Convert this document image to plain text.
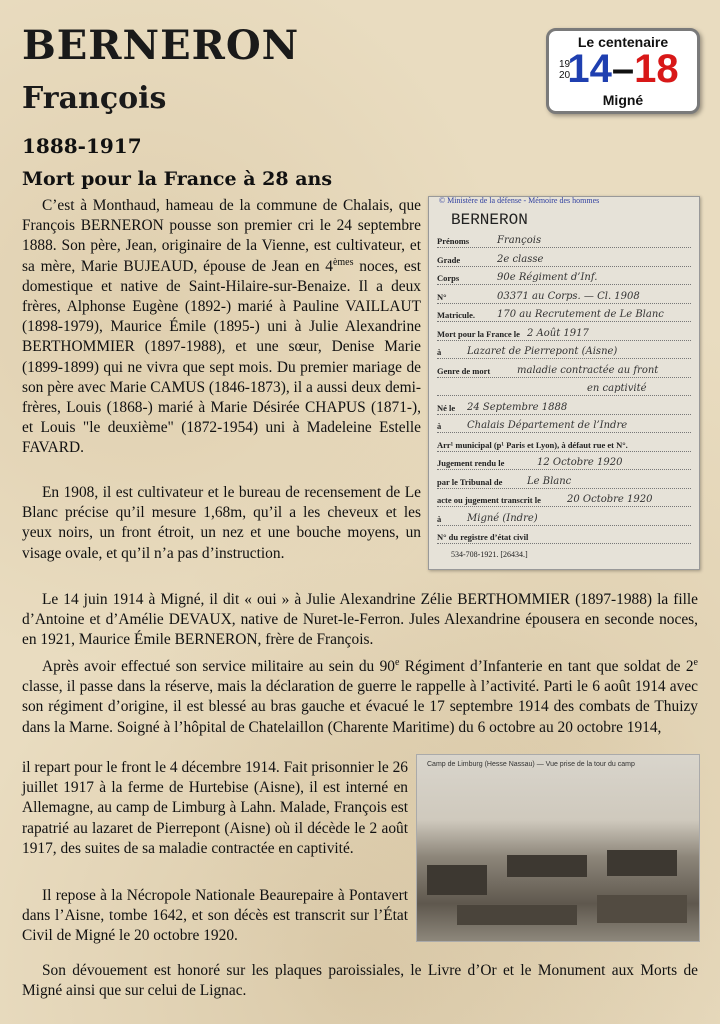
BERNERON
François
1888-1917
Mort pour la France à 28 ans
Le centenaire
19
20
14–18
Migné

C’est à Monthaud, hameau de la commune de Chalais, que François BERNERON pousse son premier cri le 24 septembre 1888. Son père, Jean, originaire de la Vienne, est cultivateur, et sa mère, Marie BUJEAUD, épouse de Jean en 4èmes noces, est domestique et native de Saint-Hilaire-sur-Benaize. Il a deux frères, Alphonse Eugène (1892-) marié à Pauline VAILLAUT (1898-1979), Maurice Émile (1895-) uni à Julie Alexandrine BERTHOMMIER (1897-1988), et une sœur, Denise Marie (1899-1899) qui ne vivra que sept mois. Du premier mariage de son père avec Marie CAMUS (1846-1873), il a aussi deux demi-frères, Louis (1868-) marié à Marie Désirée CHAPUS (1871-), et Louis "le deuxième" (1872-1954) uni à Madeleine Estelle FAVARD.

En 1908, il est cultivateur et le bureau de recensement de Le Blanc précise qu’il mesure 1,68m, qu’il a les cheveux et les yeux noirs, un front étroit, un nez et une bouche moyens, un visage ovale, et qu’il n’a pas d’instruction.

© Ministère de la défense - Mémoire des hommes
BERNERON
Prénoms	François
Grade	2e classe
Corps	90e Régiment d’Inf.
N°	03371 au Corps. — Cl. 1908
Matricule. 170 au Recrutement de Le Blanc
Mort pour la France le 2 Août 1917
à	Lazaret de Pierrepont (Aisne)
Genre de mort	maladie contractée au front
en captivité
Né le 24 Septembre 1888
à	Chalais Département de l’Indre
Arr¹ municipal (p¹ Paris et Lyon), à défaut rue et N°.
Jugement rendu le	12 Octobre 1920
par le Tribunal de Le Blanc
acte ou jugement transcrit le	20 Octobre 1920
à	Migné (Indre)
N° du registre d’état civil
534-708-1921. [26434.]

Le 14 juin 1914 à Migné, il dit « oui » à Julie Alexandrine Zélie BERTHOMMIER (1897-1988) la fille d’Antoine et d’Amélie DEVAUX, native de Nuret-le-Ferron. Jules Alexandrine épousera en seconde noces, en 1921, Maurice Émile BERNERON, frère de François.

Après avoir effectué son service militaire au sein du 90e Régiment d’Infanterie en tant que soldat de 2e classe, il passe dans la réserve, mais la déclaration de guerre le rappelle à l’activité. Parti le 6 août 1914 avec son régiment d’origine, il est blessé au bras gauche et évacué le 17 septembre 1914 des combats de Thuizy dans la Marne. Soigné à l’hôpital de Chatelaillon (Charente Maritime) du 6 octobre au 20 octobre 1914,

il repart pour le front le 4 décembre 1914. Fait prisonnier le 26 juillet 1917 à la ferme de Hurtebise (Aisne), il est interné en Allemagne, au camp de Limburg à Lahn. Malade, François est rapatrié au lazaret de Pierrepont (Aisne) où il décède le 2 août 1917, des suites de sa maladie contractée en captivité.

Camp de Limburg (Hesse Nassau) — Vue prise de la tour du camp

Il repose à la Nécropole Nationale Beaurepaire à Pontavert dans l’Aisne, tombe 1642, et son décès est transcrit sur l’État Civil de Migné le 20 octobre 1920.

Son dévouement est honoré sur les plaques paroissiales, le Livre d’Or et le Monument aux Morts de Migné ainsi que sur celui de Lignac.
